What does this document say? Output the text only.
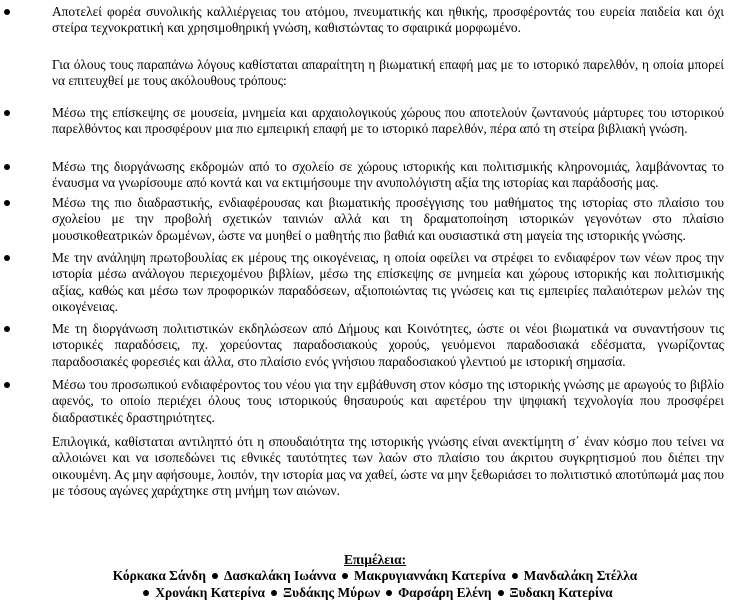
Αποτελεί φορέα συνολικής καλλιέργειας του ατόμου, πνευματικής και ηθικής, προσφέροντάς του ευρεία παιδεία και όχι στείρα τεχνοκρατική και χρησιμοθηρική γνώση, καθιστώντας το σφαιρικά μορφωμένο.

Για όλους τους παραπάνω λόγους καθίσταται απαραίτητη η βιωματική επαφή μας με το ιστορικό παρελθόν, η οποία μπορεί να επιτευχθεί με τους ακόλουθους τρόπους:

Μέσω της επίσκεψης σε μουσεία, μνημεία και αρχαιολογικούς χώρους που αποτελούν ζωντανούς μάρτυρες του ιστορικού παρελθόντος και προσφέρουν μια πιο εμπειρική επαφή με το ιστορικό παρελθόν, πέρα από τη στείρα βιβλιακή γνώση.
Μέσω της διοργάνωσης εκδρομών από το σχολείο σε χώρους ιστορικής και πολιτισμικής κληρονομιάς, λαμβάνοντας το έναυσμα να γνωρίσουμε από κοντά και να εκτιμήσουμε την ανυπολόγιστη αξία της ιστορίας και παράδοσής μας.
Μέσω της πιο διαδραστικής, ενδιαφέρουσας και βιωματικής προσέγγισης του μαθήματος της ιστορίας στο πλαίσιο του σχολείου με την προβολή σχετικών ταινιών αλλά και τη δραματοποίηση ιστορικών γεγονότων στο πλαίσιο μουσικοθεατρικών δρωμένων, ώστε να μυηθεί ο μαθητής πιο βαθιά και ουσιαστικά στη μαγεία της ιστορικής γνώσης.
Με την ανάληψη πρωτοβουλίας εκ μέρους της οικογένειας, η οποία οφείλει να στρέφει το ενδιαφέρον των νέων προς την ιστορία μέσω ανάλογου περιεχομένου βιβλίων, μέσω της επίσκεψης σε μνημεία και χώρους ιστορικής και πολιτισμικής αξίας, καθώς και μέσω των προφορικών παραδόσεων, αξιοποιώντας τις γνώσεις και τις εμπειρίες παλαιότερων μελών της οικογένειας.
Με τη διοργάνωση πολιτιστικών εκδηλώσεων από Δήμους και Κοινότητες, ώστε οι νέοι βιωματικά να συναντήσουν τις ιστορικές παραδόσεις, πχ. χορεύοντας παραδοσιακούς χορούς, γευόμενοι παραδοσιακά εδέσματα, γνωρίζοντας παραδοσιακές φορεσιές και άλλα, στο πλαίσιο ενός γνήσιου παραδοσιακού γλεντιού με ιστορική σημασία.
Μέσω του προσωπικού ενδιαφέροντος του νέου για την εμβάθυνση στον κόσμο της ιστορικής γνώσης με αρωγούς το βιβλίο αφενός, το οποίο περιέχει όλους τους ιστορικούς θησαυρούς και αφετέρου την ψηφιακή τεχνολογία που προσφέρει διαδραστικές δραστηριότητες.

Επιλογικά, καθίσταται αντιληπτό ότι η σπουδαιότητα της ιστορικής γνώσης είναι ανεκτίμητη σ΄ έναν κόσμο που τείνει να αλλοιώνει και να ισοπεδώνει τις εθνικές ταυτότητες των λαών στο πλαίσιο του άκριτου συγκρητισμού που διέπει την οικουμένη. Ας μην αφήσουμε, λοιπόν, την ιστορία μας να χαθεί, ώστε να μην ξεθωριάσει το πολιτιστικό αποτύπωμά μας που με τόσους αγώνες χαράχτηκε στη μνήμη των αιώνων.

Επιμέλεια:
Κόρκακα Σάνδη Δασκαλάκη Ιωάννα Μακρυγιαννάκη Κατερίνα Μανδαλάκη Στέλλα
Χρονάκη Κατερίνα Ξυδάκης Μύρων Φαρσάρη Ελένη Ξυδακη Κατερίνα
